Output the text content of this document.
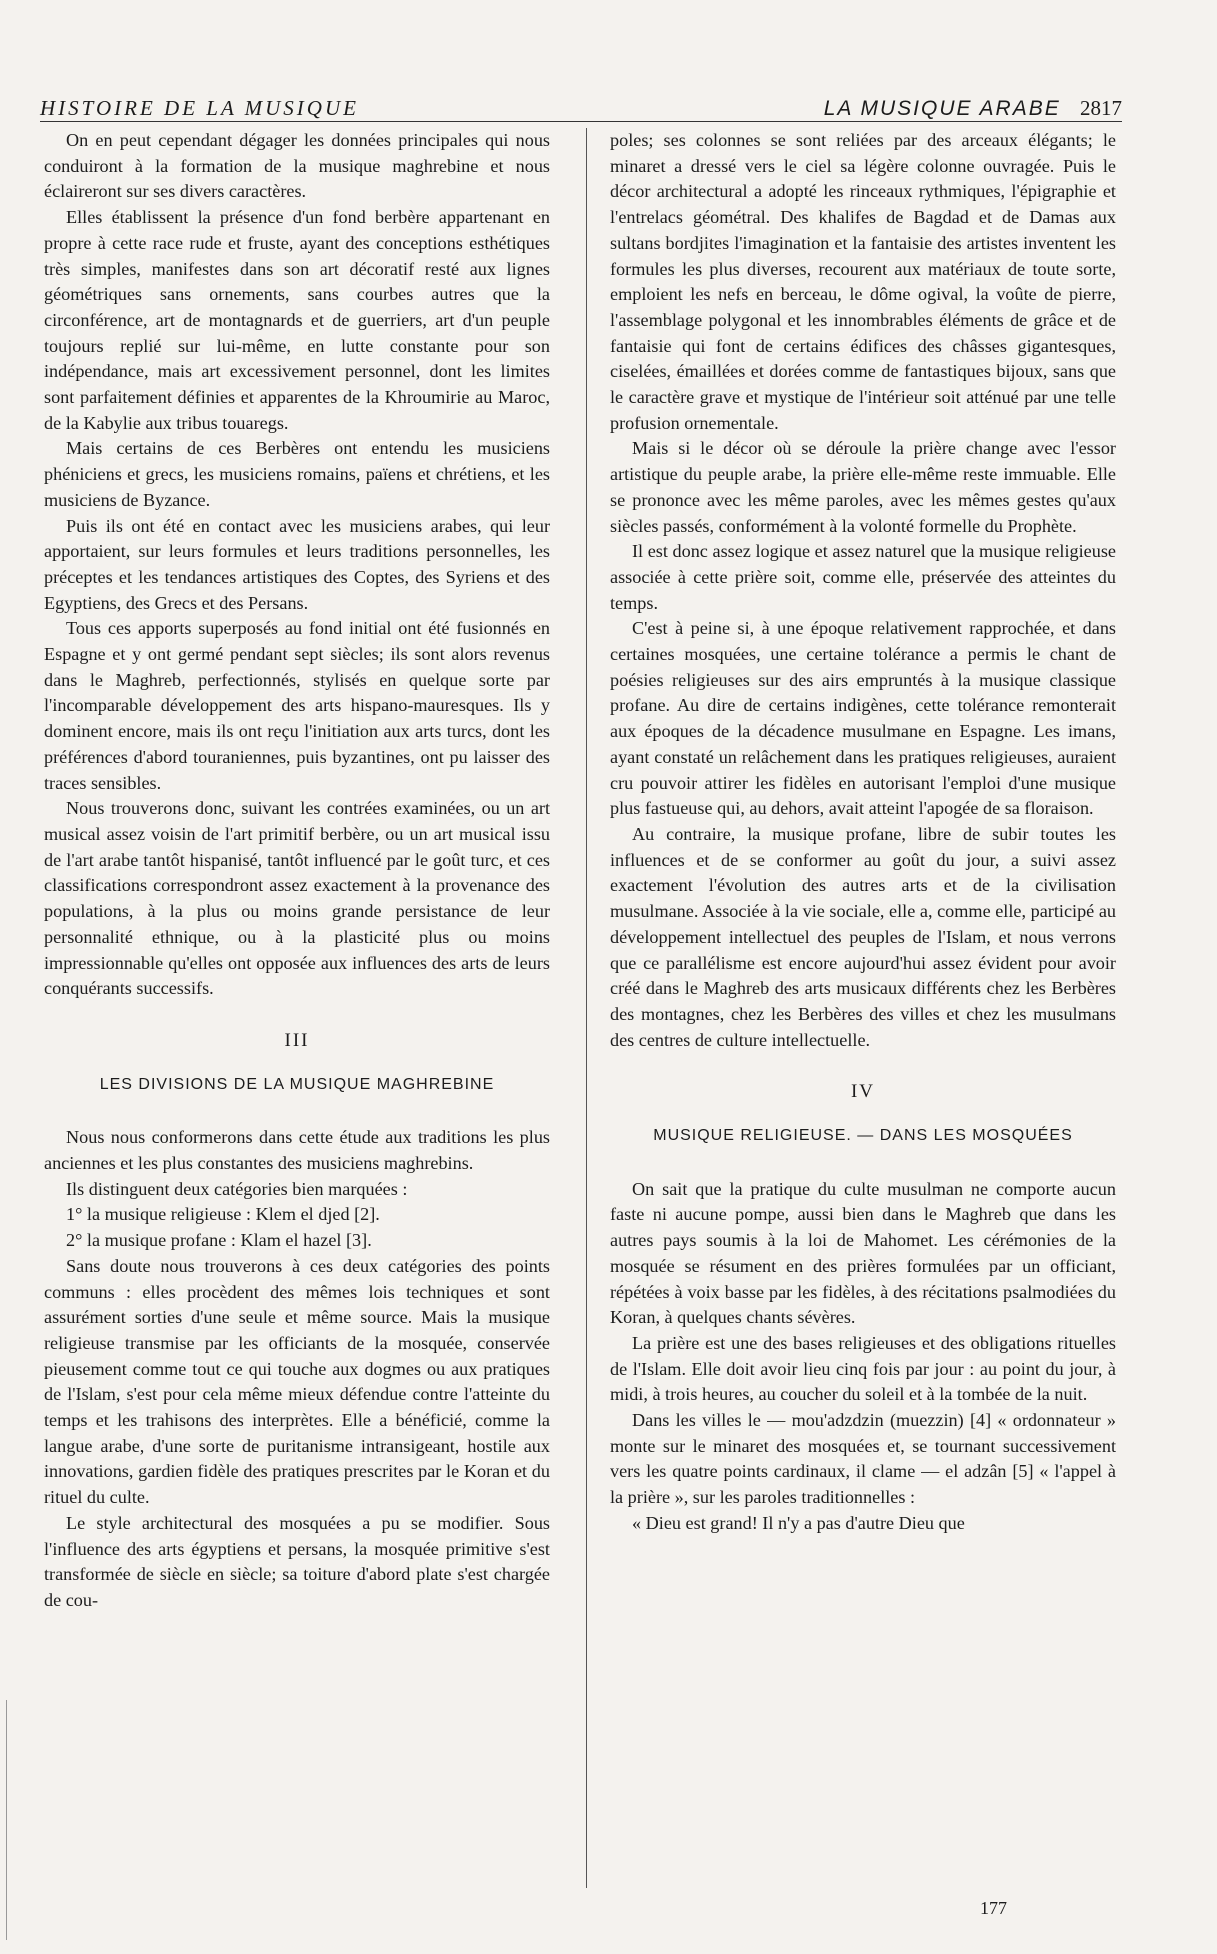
HISTOIRE DE LA MUSIQUE	LA MUSIQUE ARABE 2817

On en peut cependant dégager les données principales qui nous conduiront à la formation de la musique maghrebine et nous éclaireront sur ses divers caractères.

Elles établissent la présence d'un fond berbère appartenant en propre à cette race rude et fruste, ayant des conceptions esthétiques très simples, manifestes dans son art décoratif resté aux lignes géométriques sans ornements, sans courbes autres que la circonférence, art de montagnards et de guerriers, art d'un peuple toujours replié sur lui-même, en lutte constante pour son indépendance, mais art excessivement personnel, dont les limites sont parfaitement définies et apparentes de la Khroumirie au Maroc, de la Kabylie aux tribus touaregs.

Mais certains de ces Berbères ont entendu les musiciens phéniciens et grecs, les musiciens romains, païens et chrétiens, et les musiciens de Byzance.

Puis ils ont été en contact avec les musiciens arabes, qui leur apportaient, sur leurs formules et leurs traditions personnelles, les préceptes et les tendances artistiques des Coptes, des Syriens et des Egyptiens, des Grecs et des Persans.

Tous ces apports superposés au fond initial ont été fusionnés en Espagne et y ont germé pendant sept siècles; ils sont alors revenus dans le Maghreb, perfectionnés, stylisés en quelque sorte par l'incomparable développement des arts hispano-mauresques. Ils y dominent encore, mais ils ont reçu l'initiation aux arts turcs, dont les préférences d'abord touraniennes, puis byzantines, ont pu laisser des traces sensibles.

Nous trouverons donc, suivant les contrées examinées, ou un art musical assez voisin de l'art primitif berbère, ou un art musical issu de l'art arabe tantôt hispanisé, tantôt influencé par le goût turc, et ces classifications correspondront assez exactement à la provenance des populations, à la plus ou moins grande persistance de leur personnalité ethnique, ou à la plasticité plus ou moins impressionnable qu'elles ont opposée aux influences des arts de leurs conquérants successifs.

III
LES DIVISIONS DE LA MUSIQUE MAGHREBINE

Nous nous conformerons dans cette étude aux traditions les plus anciennes et les plus constantes des musiciens maghrebins.

Ils distinguent deux catégories bien marquées :

1° la musique religieuse : Klem el djed [2].

2° la musique profane : Klam el hazel [3].

Sans doute nous trouverons à ces deux catégories des points communs : elles procèdent des mêmes lois techniques et sont assurément sorties d'une seule et même source. Mais la musique religieuse transmise par les officiants de la mosquée, conservée pieusement comme tout ce qui touche aux dogmes ou aux pratiques de l'Islam, s'est pour cela même mieux défendue contre l'atteinte du temps et les trahisons des interprètes. Elle a bénéficié, comme la langue arabe, d'une sorte de puritanisme intransigeant, hostile aux innovations, gardien fidèle des pratiques prescrites par le Koran et du rituel du culte.

Le style architectural des mosquées a pu se modifier. Sous l'influence des arts égyptiens et persans, la mosquée primitive s'est transformée de siècle en siècle; sa toiture d'abord plate s'est chargée de cou-

poles; ses colonnes se sont reliées par des arceaux élégants; le minaret a dressé vers le ciel sa légère colonne ouvragée. Puis le décor architectural a adopté les rinceaux rythmiques, l'épigraphie et l'entrelacs géométral. Des khalifes de Bagdad et de Damas aux sultans bordjites l'imagination et la fantaisie des artistes inventent les formules les plus diverses, recourent aux matériaux de toute sorte, emploient les nefs en berceau, le dôme ogival, la voûte de pierre, l'assemblage polygonal et les innombrables éléments de grâce et de fantaisie qui font de certains édifices des châsses gigantesques, ciselées, émaillées et dorées comme de fantastiques bijoux, sans que le caractère grave et mystique de l'intérieur soit atténué par une telle profusion ornementale.

Mais si le décor où se déroule la prière change avec l'essor artistique du peuple arabe, la prière elle-même reste immuable. Elle se prononce avec les même paroles, avec les mêmes gestes qu'aux siècles passés, conformément à la volonté formelle du Prophète.

Il est donc assez logique et assez naturel que la musique religieuse associée à cette prière soit, comme elle, préservée des atteintes du temps.

C'est à peine si, à une époque relativement rapprochée, et dans certaines mosquées, une certaine tolérance a permis le chant de poésies religieuses sur des airs empruntés à la musique classique profane. Au dire de certains indigènes, cette tolérance remonterait aux époques de la décadence musulmane en Espagne. Les imans, ayant constaté un relâchement dans les pratiques religieuses, auraient cru pouvoir attirer les fidèles en autorisant l'emploi d'une musique plus fastueuse qui, au dehors, avait atteint l'apogée de sa floraison.

Au contraire, la musique profane, libre de subir toutes les influences et de se conformer au goût du jour, a suivi assez exactement l'évolution des autres arts et de la civilisation musulmane. Associée à la vie sociale, elle a, comme elle, participé au développement intellectuel des peuples de l'Islam, et nous verrons que ce parallélisme est encore aujourd'hui assez évident pour avoir créé dans le Maghreb des arts musicaux différents chez les Berbères des montagnes, chez les Berbères des villes et chez les musulmans des centres de culture intellectuelle.

IV
MUSIQUE RELIGIEUSE. — DANS LES MOSQUÉES

On sait que la pratique du culte musulman ne comporte aucun faste ni aucune pompe, aussi bien dans le Maghreb que dans les autres pays soumis à la loi de Mahomet. Les cérémonies de la mosquée se résument en des prières formulées par un officiant, répétées à voix basse par les fidèles, à des récitations psalmodiées du Koran, à quelques chants sévères.

La prière est une des bases religieuses et des obligations rituelles de l'Islam. Elle doit avoir lieu cinq fois par jour : au point du jour, à midi, à trois heures, au coucher du soleil et à la tombée de la nuit.

Dans les villes le — mou'adzdzin (muezzin) [4] « ordonnateur » monte sur le minaret des mosquées et, se tournant successivement vers les quatre points cardinaux, il clame — el adzân [5] « l'appel à la prière », sur les paroles traditionnelles :

« Dieu est grand! Il n'y a pas d'autre Dieu que

177
